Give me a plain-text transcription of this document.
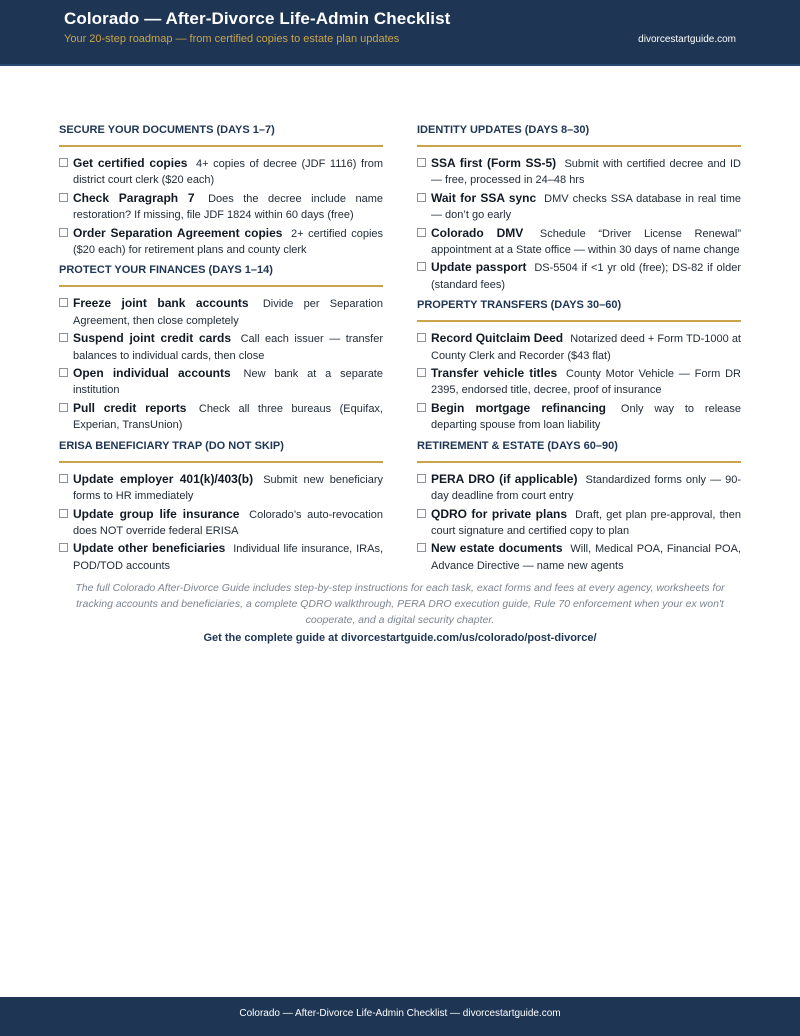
Colorado — After-Divorce Life-Admin Checklist
Your 20-step roadmap — from certified copies to estate plan updates	divorcestartguide.com
SECURE YOUR DOCUMENTS (DAYS 1–7)
Get certified copies 4+ copies of decree (JDF 1116) from district court clerk ($20 each)
Check Paragraph 7 Does the decree include name restoration? If missing, file JDF 1824 within 60 days (free)
Order Separation Agreement copies 2+ certified copies ($20 each) for retirement plans and county clerk
PROTECT YOUR FINANCES (DAYS 1–14)
Freeze joint bank accounts Divide per Separation Agreement, then close completely
Suspend joint credit cards Call each issuer — transfer balances to individual cards, then close
Open individual accounts New bank at a separate institution
Pull credit reports Check all three bureaus (Equifax, Experian, TransUnion)
ERISA BENEFICIARY TRAP (DO NOT SKIP)
Update employer 401(k)/403(b) Submit new beneficiary forms to HR immediately
Update group life insurance Colorado’s auto-revocation does NOT override federal ERISA
Update other beneficiaries Individual life insurance, IRAs, POD/TOD accounts
IDENTITY UPDATES (DAYS 8–30)
SSA first (Form SS-5) Submit with certified decree and ID — free, processed in 24–48 hrs
Wait for SSA sync DMV checks SSA database in real time — don’t go early
Colorado DMV Schedule “Driver License Renewal” appointment at a State office — within 30 days of name change
Update passport DS-5504 if <1 yr old (free); DS-82 if older (standard fees)
PROPERTY TRANSFERS (DAYS 30–60)
Record Quitclaim Deed Notarized deed + Form TD-1000 at County Clerk and Recorder ($43 flat)
Transfer vehicle titles County Motor Vehicle — Form DR 2395, endorsed title, decree, proof of insurance
Begin mortgage refinancing Only way to release departing spouse from loan liability
RETIREMENT & ESTATE (DAYS 60–90)
PERA DRO (if applicable) Standardized forms only — 90-day deadline from court entry
QDRO for private plans Draft, get plan pre-approval, then court signature and certified copy to plan
New estate documents Will, Medical POA, Financial POA, Advance Directive — name new agents
The full Colorado After-Divorce Guide includes step-by-step instructions for each task, exact forms and fees at every agency, worksheets for tracking accounts and beneficiaries, a complete QDRO walkthrough, PERA DRO execution guide, Rule 70 enforcement when your ex won't cooperate, and a digital security chapter.
Get the complete guide at divorcestartguide.com/us/colorado/post-divorce/
Colorado — After-Divorce Life-Admin Checklist — divorcestartguide.com
